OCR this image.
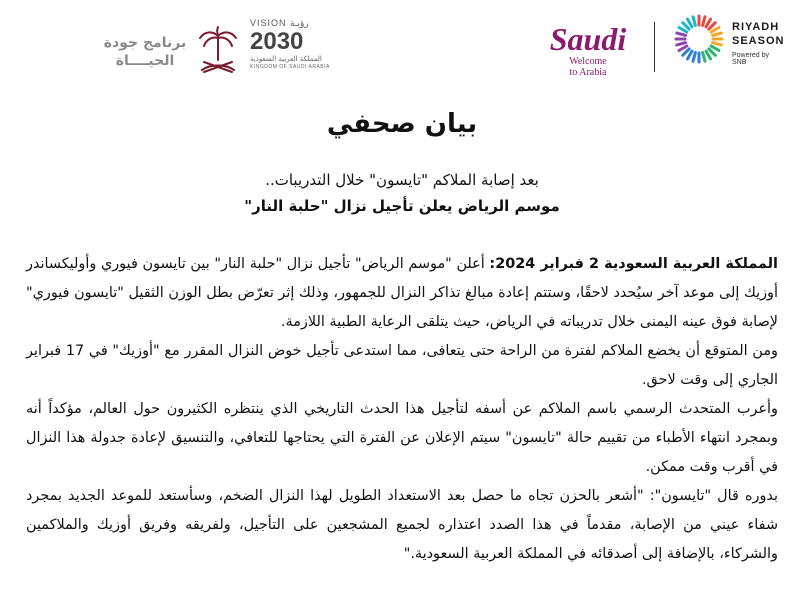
RIYADH
SEASON
Powered by SNB
Saudi
Welcome
to Arabia
VISION رؤيـة
2030
المملكة العربية السعودية
KINGDOM OF SAUDI ARABIA
برنامج جودة
الحيــــاة
بيان صحفي
بعد إصابة الملاكم "تايسون" خلال التدريبات..
موسم الرياض يعلن تأجيل نزال "حلبة النار"

المملكة العربية السعودية 2 فبراير 2024: أعلن "موسم الرياض" تأجيل نزال "حلبة النار" بين تايسون فيوري وأوليكساندر أوزيك إلى موعد آخر سيُحدد لاحقًا، وستتم إعادة مبالغ تذاكر النزال للجمهور، وذلك إثر تعرّض بطل الوزن الثقيل "تايسون فيوري" لإصابة فوق عينه اليمنى خلال تدريباته في الرياض، حيث يتلقى الرعاية الطبية اللازمة.

ومن المتوقع أن يخضع الملاكم لفترة من الراحة حتى يتعافى، مما استدعى تأجيل خوض النزال المقرر مع "أوزيك" في 17 فبراير الجاري إلى وقت لاحق.

وأعرب المتحدث الرسمي باسم الملاكم عن أسفه لتأجيل هذا الحدث التاريخي الذي ينتظره الكثيرون حول العالم، مؤكداً أنه وبمجرد انتهاء الأطباء من تقييم حالة "تايسون" سيتم الإعلان عن الفترة التي يحتاجها للتعافي، والتنسيق لإعادة جدولة هذا النزال في أقرب وقت ممكن.

بدوره قال "تايسون": "أشعر بالحزن تجاه ما حصل بعد الاستعداد الطويل لهذا النزال الضخم، وسأستعد للموعد الجديد بمجرد شفاء عيني من الإصابة، مقدماً في هذا الصدد اعتذاره لجميع المشجعين على التأجيل، ولفريقه وفريق أوزيك والملاكمين والشركاء، بالإضافة إلى أصدقائه في المملكة العربية السعودية."
